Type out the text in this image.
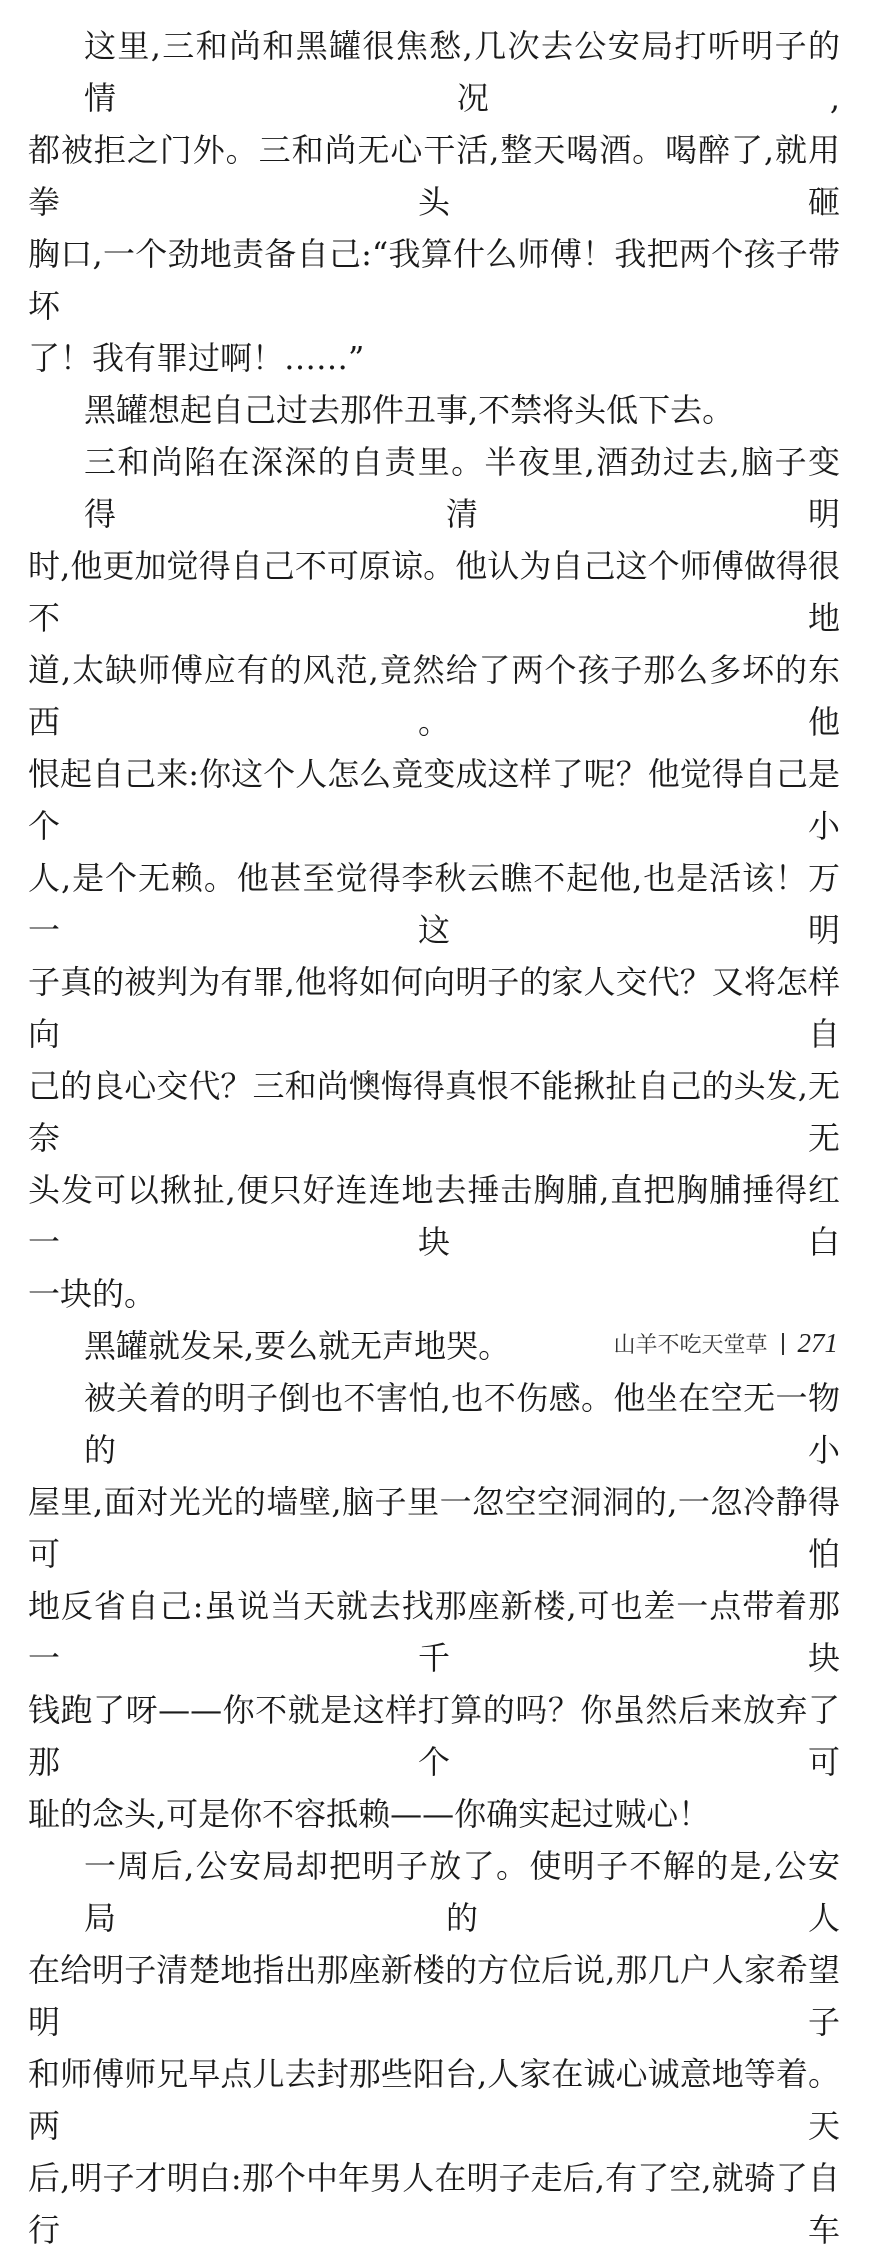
这里,三和尚和黑罐很焦愁,几次去公安局打听明子的情况,
都被拒之门外。三和尚无心干活,整天喝酒。喝醉了,就用拳头砸
胸口,一个劲地责备自己:“我算什么师傅！我把两个孩子带坏
了！我有罪过啊！……”
黑罐想起自己过去那件丑事,不禁将头低下去。
三和尚陷在深深的自责里。半夜里,酒劲过去,脑子变得清明
时,他更加觉得自己不可原谅。他认为自己这个师傅做得很不地
道,太缺师傅应有的风范,竟然给了两个孩子那么多坏的东西。他
恨起自己来:你这个人怎么竟变成这样了呢？他觉得自己是个小
人,是个无赖。他甚至觉得李秋云瞧不起他,也是活该！万一这明
子真的被判为有罪,他将如何向明子的家人交代？又将怎样向自
己的良心交代？三和尚懊悔得真恨不能揪扯自己的头发,无奈无
头发可以揪扯,便只好连连地去捶击胸脯,直把胸脯捶得红一块白
一块的。
黑罐就发呆,要么就无声地哭。
被关着的明子倒也不害怕,也不伤感。他坐在空无一物的小
屋里,面对光光的墙壁,脑子里一忽空空洞洞的,一忽冷静得可怕
地反省自己:虽说当天就去找那座新楼,可也差一点带着那一千块
钱跑了呀——你不就是这样打算的吗？你虽然后来放弃了那个可
耻的念头,可是你不容抵赖——你确实起过贼心！
一周后,公安局却把明子放了。使明子不解的是,公安局的人
在给明子清楚地指出那座新楼的方位后说,那几户人家希望明子
和师傅师兄早点儿去封那些阳台,人家在诚心诚意地等着。两天
后,明子才明白:那个中年男人在明子走后,有了空,就骑了自行车
山羊不吃天堂草 271
